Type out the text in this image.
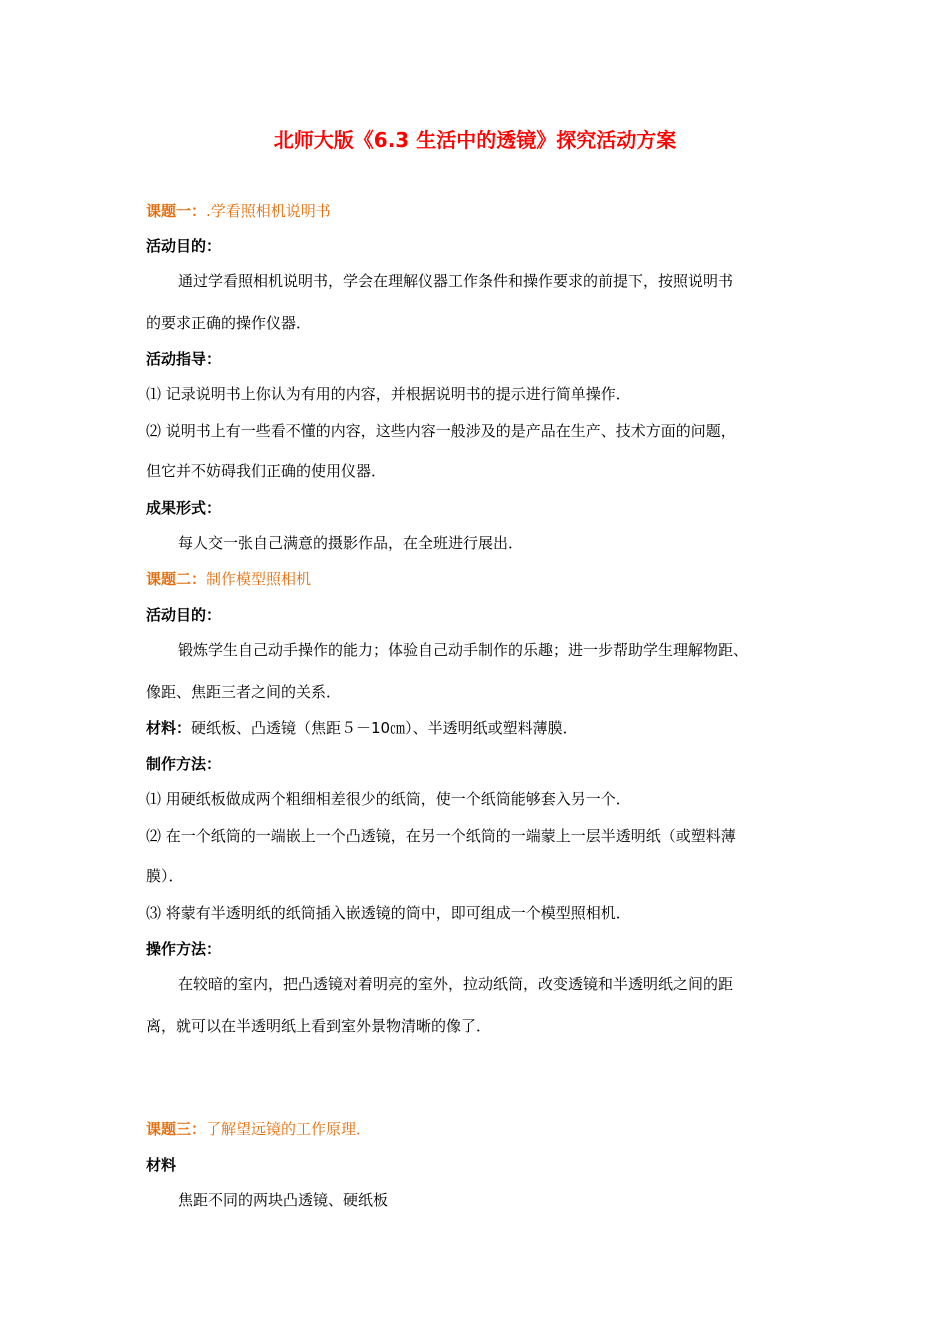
北师大版《6.3 生活中的透镜》探究活动方案
课题一：.学看照相机说明书
活动目的：
通过学看照相机说明书，学会在理解仪器工作条件和操作要求的前提下，按照说明书
的要求正确的操作仪器．
活动指导：
⑴ 记录说明书上你认为有用的内容，并根据说明书的提示进行简单操作．
⑵ 说明书上有一些看不懂的内容，这些内容一般涉及的是产品在生产、技术方面的问题，
但它并不妨碍我们正确的使用仪器．
成果形式：
每人交一张自己满意的摄影作品，在全班进行展出．
课题二：制作模型照相机
活动目的：
锻炼学生自己动手操作的能力；体验自己动手制作的乐趣；进一步帮助学生理解物距、
像距、焦距三者之间的关系．
材料：硬纸板、凸透镜（焦距５－10㎝）、半透明纸或塑料薄膜．
制作方法：
⑴ 用硬纸板做成两个粗细相差很少的纸筒，使一个纸筒能够套入另一个．
⑵ 在一个纸筒的一端嵌上一个凸透镜，在另一个纸筒的一端蒙上一层半透明纸（或塑料薄
膜）．
⑶ 将蒙有半透明纸的纸筒插入嵌透镜的筒中，即可组成一个模型照相机．
操作方法：
在较暗的室内，把凸透镜对着明亮的室外，拉动纸筒，改变透镜和半透明纸之间的距
离，就可以在半透明纸上看到室外景物清晰的像了．
课题三：了解望远镜的工作原理．
材料
焦距不同的两块凸透镜、硬纸板
